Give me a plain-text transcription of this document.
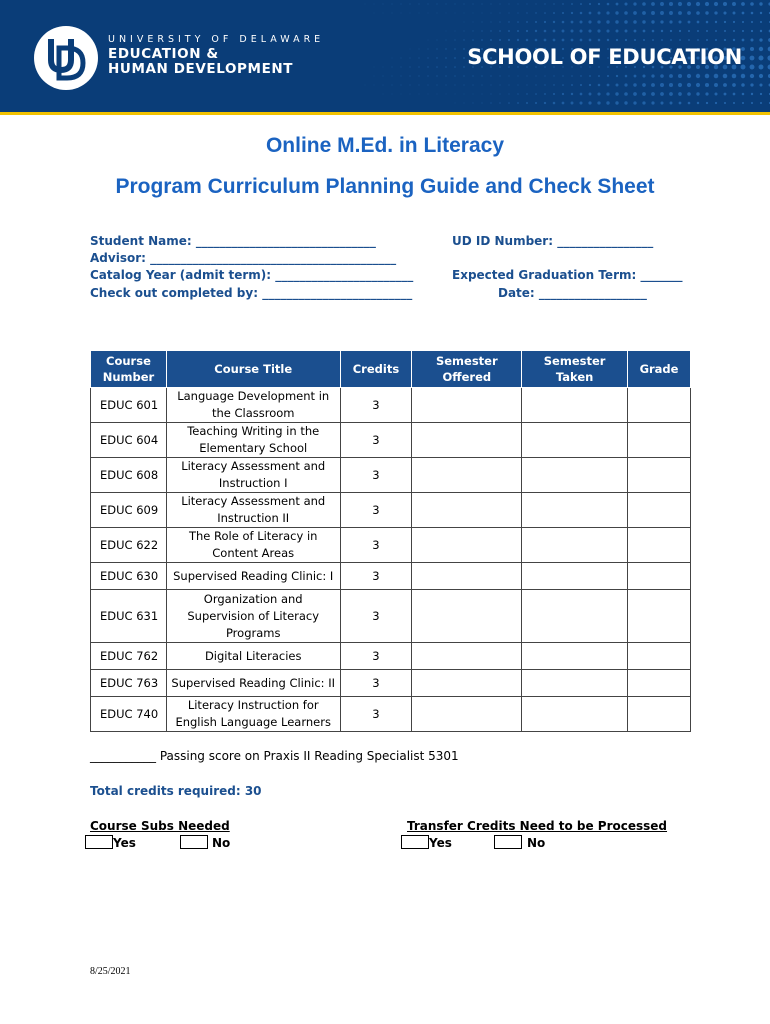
UNIVERSITY OF DELAWARE
EDUCATION &
HUMAN DEVELOPMENT	SCHOOL OF EDUCATION
Online M.Ed. in Literacy
Program Curriculum Planning Guide and Check Sheet
Student Name: ______________________________
Advisor: _________________________________________
Catalog Year (admit term): _______________________
Check out completed by: _________________________
UD ID Number: ________________
Expected Graduation Term: _______
Date: __________________
Course Number	Course Title	Credits	Semester Offered	Semester Taken	Grade
EDUC 601	Language Development in the Classroom	3			
EDUC 604	Teaching Writing in the Elementary School	3			
EDUC 608	Literacy Assessment and Instruction I	3			
EDUC 609	Literacy Assessment and Instruction II	3			
EDUC 622	The Role of Literacy in Content Areas	3			
EDUC 630	Supervised Reading Clinic: I	3			
EDUC 631	Organization and Supervision of Literacy Programs	3			
EDUC 762	Digital Literacies	3			
EDUC 763	Supervised Reading Clinic: II	3			
EDUC 740	Literacy Instruction for English Language Learners	3			
___________ Passing score on Praxis II Reading Specialist 5301
Total credits required: 30
Course Subs Needed
Yes	No
Transfer Credits Need to be Processed
Yes	No
8/25/2021
